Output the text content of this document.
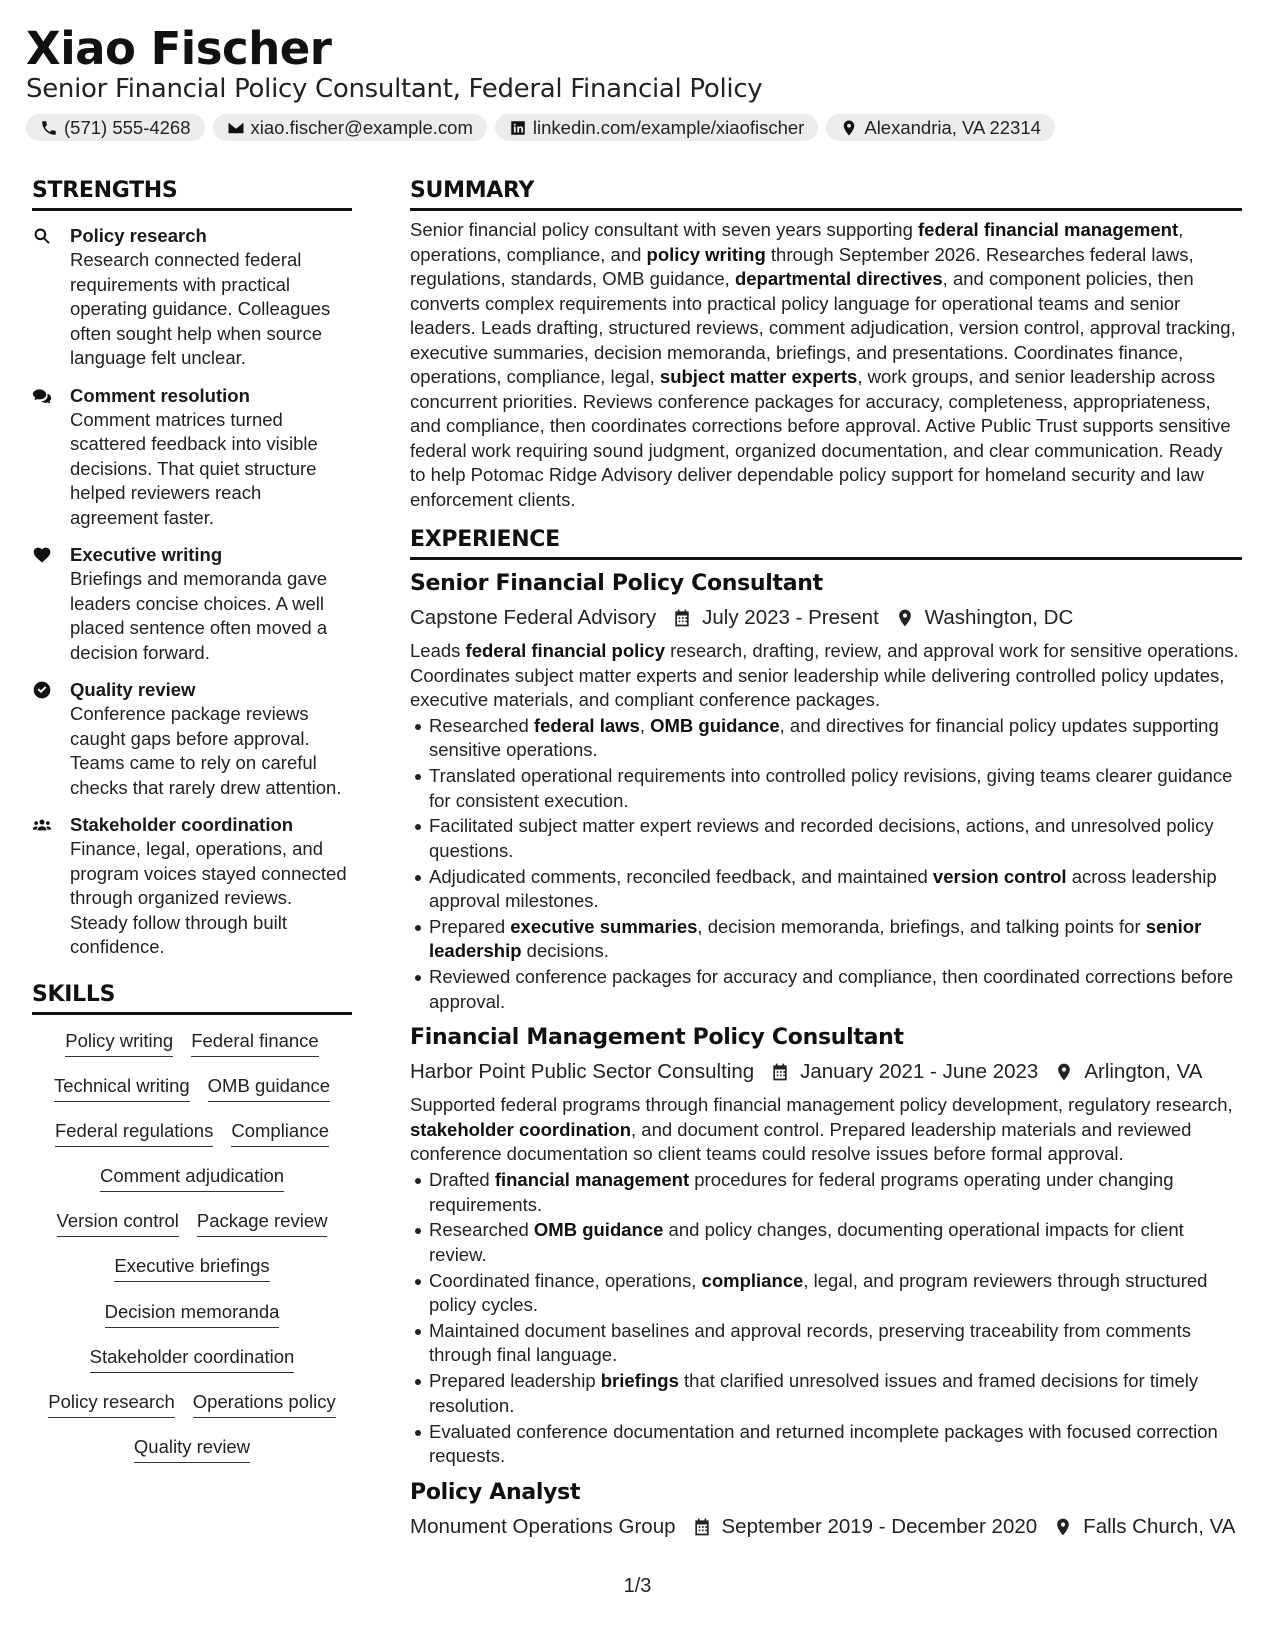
Xiao Fischer
Senior Financial Policy Consultant, Federal Financial Policy
(571) 555-4268	xiao.fischer@example.com	linkedin.com/example/xiaofischer	Alexandria, VA 22314
STRENGTHS
Policy research
Research connected federal requirements with practical operating guidance. Colleagues often sought help when source language felt unclear.
Comment resolution
Comment matrices turned scattered feedback into visible decisions. That quiet structure helped reviewers reach agreement faster.
Executive writing
Briefings and memoranda gave leaders concise choices. A well placed sentence often moved a decision forward.
Quality review
Conference package reviews caught gaps before approval. Teams came to rely on careful checks that rarely drew attention.
Stakeholder coordination
Finance, legal, operations, and program voices stayed connected through organized reviews. Steady follow through built confidence.
SKILLS
Policy writing Federal finance
Technical writing OMB guidance
Federal regulations Compliance
Comment adjudication
Version control Package review
Executive briefings
Decision memoranda
Stakeholder coordination
Policy research Operations policy
Quality review
SUMMARY
Senior financial policy consultant with seven years supporting federal financial management, operations, compliance, and policy writing through September 2026. Researches federal laws, regulations, standards, OMB guidance, departmental directives, and component policies, then converts complex requirements into practical policy language for operational teams and senior leaders. Leads drafting, structured reviews, comment adjudication, version control, approval tracking, executive summaries, decision memoranda, briefings, and presentations. Coordinates finance, operations, compliance, legal, subject matter experts, work groups, and senior leadership across concurrent priorities. Reviews conference packages for accuracy, completeness, appropriateness, and compliance, then coordinates corrections before approval. Active Public Trust supports sensitive federal work requiring sound judgment, organized documentation, and clear communication. Ready to help Potomac Ridge Advisory deliver dependable policy support for homeland security and law enforcement clients.
EXPERIENCE
Senior Financial Policy Consultant
Capstone Federal Advisory July 2023 - Present Washington, DC
Leads federal financial policy research, drafting, review, and approval work for sensitive operations. Coordinates subject matter experts and senior leadership while delivering controlled policy updates, executive materials, and compliant conference packages.
Researched federal laws, OMB guidance, and directives for financial policy updates supporting sensitive operations.
Translated operational requirements into controlled policy revisions, giving teams clearer guidance for consistent execution.
Facilitated subject matter expert reviews and recorded decisions, actions, and unresolved policy questions.
Adjudicated comments, reconciled feedback, and maintained version control across leadership approval milestones.
Prepared executive summaries, decision memoranda, briefings, and talking points for senior leadership decisions.
Reviewed conference packages for accuracy and compliance, then coordinated corrections before approval.
Financial Management Policy Consultant
Harbor Point Public Sector Consulting January 2021 - June 2023 Arlington, VA
Supported federal programs through financial management policy development, regulatory research, stakeholder coordination, and document control. Prepared leadership materials and reviewed conference documentation so client teams could resolve issues before formal approval.
Drafted financial management procedures for federal programs operating under changing requirements.
Researched OMB guidance and policy changes, documenting operational impacts for client review.
Coordinated finance, operations, compliance, legal, and program reviewers through structured policy cycles.
Maintained document baselines and approval records, preserving traceability from comments through final language.
Prepared leadership briefings that clarified unresolved issues and framed decisions for timely resolution.
Evaluated conference documentation and returned incomplete packages with focused correction requests.
Policy Analyst
Monument Operations Group September 2019 - December 2020 Falls Church, VA
1/3
